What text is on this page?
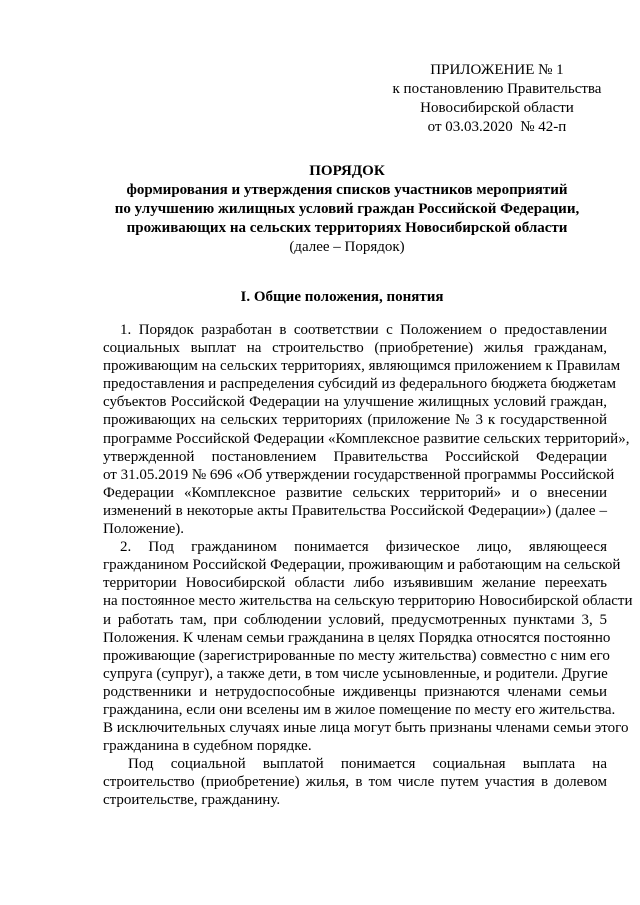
ПРИЛОЖЕНИЕ № 1
к постановлению Правительства
Новосибирской области
от 03.03.2020  № 42-п
ПОРЯДОК
формирования и утверждения списков участников мероприятий
по улучшению жилищных условий граждан Российской Федерации,
проживающих на сельских территориях Новосибирской области
(далее – Порядок)
I. Общие положения, понятия
1. Порядок разработан в соответствии с Положением о предоставлении
социальных выплат на строительство (приобретение) жилья гражданам,
проживающим на сельских территориях, являющимся приложением к Правилам
предоставления и распределения субсидий из федерального бюджета бюджетам
субъектов Российской Федерации на улучшение жилищных условий граждан,
проживающих на сельских территориях (приложение № 3 к государственной
программе Российской Федерации «Комплексное развитие сельских территорий»,
утвержденной постановлением Правительства Российской Федерации
от 31.05.2019 № 696 «Об утверждении государственной программы Российской
Федерации «Комплексное развитие сельских территорий» и о внесении
изменений в некоторые акты Правительства Российской Федерации») (далее –
Положение).
2. Под гражданином понимается физическое лицо, являющееся
гражданином Российской Федерации, проживающим и работающим на сельской
территории Новосибирской области либо изъявившим желание переехать
на постоянное место жительства на сельскую территорию Новосибирской области
и работать там, при соблюдении условий, предусмотренных пунктами 3, 5
Положения. К членам семьи гражданина в целях Порядка относятся постоянно
проживающие (зарегистрированные по месту жительства) совместно с ним его
супруга (супруг), а также дети, в том числе усыновленные, и родители. Другие
родственники и нетрудоспособные иждивенцы признаются членами семьи
гражданина, если они вселены им в жилое помещение по месту его жительства.
В исключительных случаях иные лица могут быть признаны членами семьи этого
гражданина в судебном порядке.
Под социальной выплатой понимается социальная выплата на
строительство (приобретение) жилья, в том числе путем участия в долевом
строительстве, гражданину.
